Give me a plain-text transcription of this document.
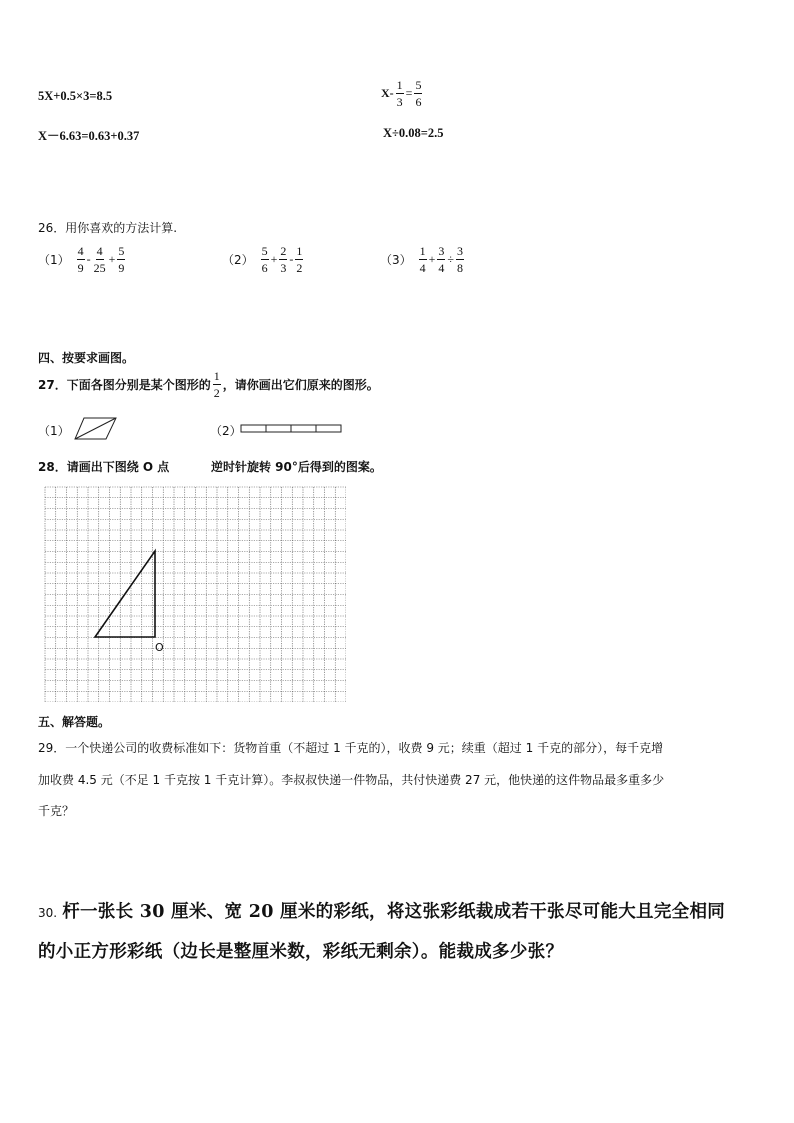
5X+0.5×3=8.5	$X- \frac{1}{3} = \frac{5}{6}$
X－6.63=0.63+0.37	X÷0.08=2.5
26．用你喜欢的方法计算.
$(1) \frac{4}{9} - \frac{4}{25} + \frac{5}{9}$	$(2) \frac{5}{6} + \frac{2}{3} - \frac{1}{2}$	$(3) \frac{1}{4} + \frac{3}{4} \div \frac{3}{8}$
四、按要求画图。
27．下面各图分别是某个图形的 $\frac{1}{2}$ ，请你画出它们原来的图形。
（1）	（2）
28．请画出下图绕 O 点	逆时针旋转 90°后得到的图案。
O
五、解答题。
29．一个快递公司的收费标准如下：货物首重（不超过 1 千克的），收费 9 元；续重（超过 1 千克的部分），每千克增
加收费 4.5 元（不足 1 千克按 1 千克计算）。李叔叔快递一件物品，共付快递费 27 元，他快递的这件物品最多重多少
千克？
30. 杆一张长 30 厘米、宽 20 厘米的彩纸，将这张彩纸裁成若干张尽可能大且完全相同
的小正方形彩纸（边长是整厘米数，彩纸无剩余）。能裁成多少张？
